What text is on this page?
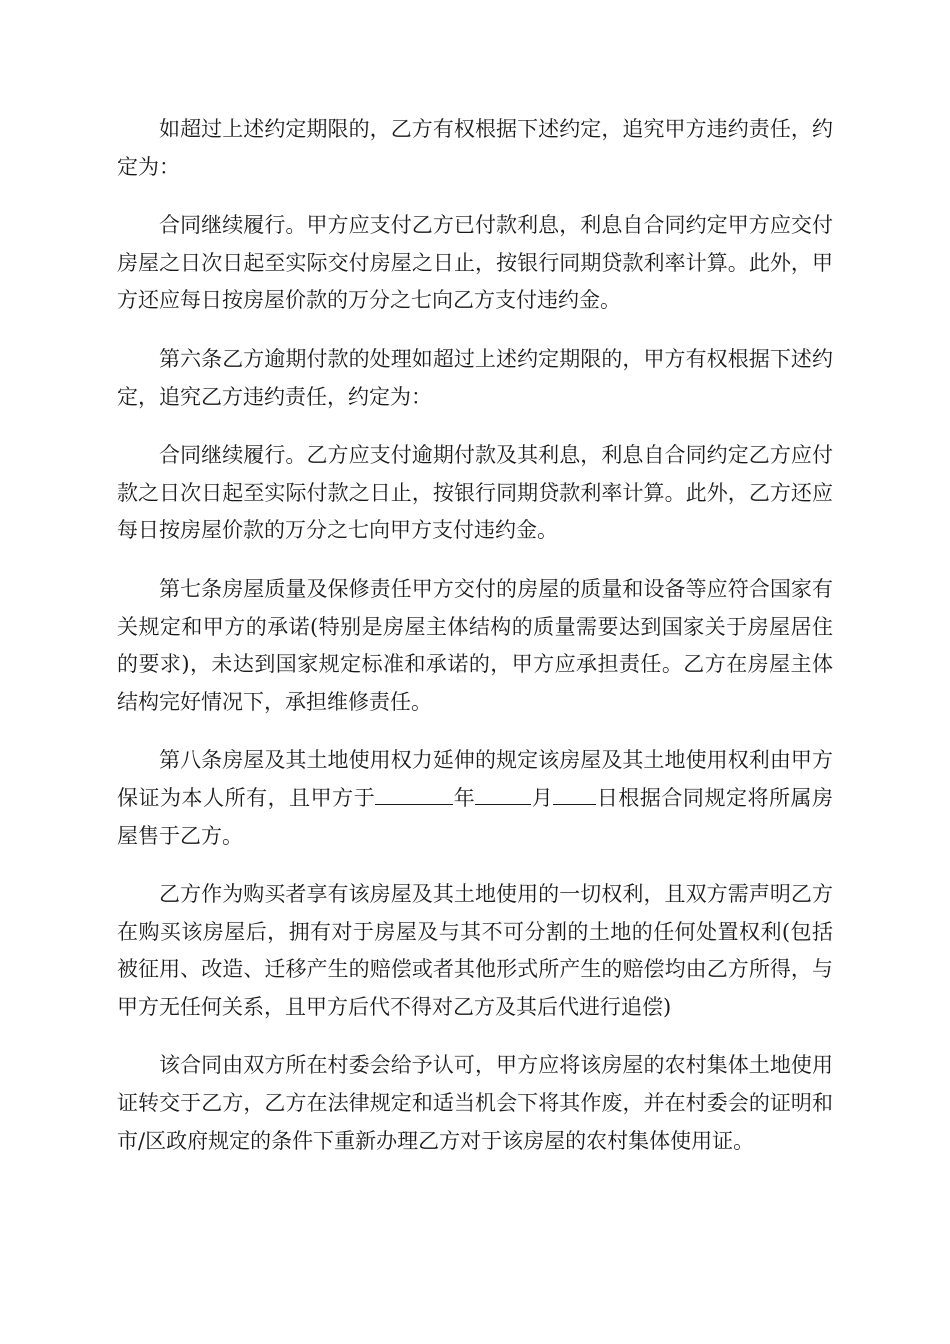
如超过上述约定期限的，乙方有权根据下述约定，追究甲方违约责任，约定为：

合同继续履行。甲方应支付乙方已付款利息，利息自合同约定甲方应交付房屋之日次日起至实际交付房屋之日止，按银行同期贷款利率计算。此外，甲方还应每日按房屋价款的万分之七向乙方支付违约金。

第六条乙方逾期付款的处理如超过上述约定期限的，甲方有权根据下述约定，追究乙方违约责任，约定为：

合同继续履行。乙方应支付逾期付款及其利息，利息自合同约定乙方应付款之日次日起至实际付款之日止，按银行同期贷款利率计算。此外，乙方还应每日按房屋价款的万分之七向甲方支付违约金。

第七条房屋质量及保修责任甲方交付的房屋的质量和设备等应符合国家有关规定和甲方的承诺(特别是房屋主体结构的质量需要达到国家关于房屋居住的要求)，未达到国家规定标准和承诺的，甲方应承担责任。乙方在房屋主体结构完好情况下，承担维修责任。

第八条房屋及其土地使用权力延伸的规定该房屋及其土地使用权利由甲方保证为本人所有，且甲方于	年	月 日根据合同规定将所属房屋售于乙方。

乙方作为购买者享有该房屋及其土地使用的一切权利，且双方需声明乙方在购买该房屋后，拥有对于房屋及与其不可分割的土地的任何处置权利(包括被征用、改造、迁移产生的赔偿或者其他形式所产生的赔偿均由乙方所得，与甲方无任何关系，且甲方后代不得对乙方及其后代进行追偿)

该合同由双方所在村委会给予认可，甲方应将该房屋的农村集体土地使用证转交于乙方，乙方在法律规定和适当机会下将其作废，并在村委会的证明和市/区政府规定的条件下重新办理乙方对于该房屋的农村集体使用证。
